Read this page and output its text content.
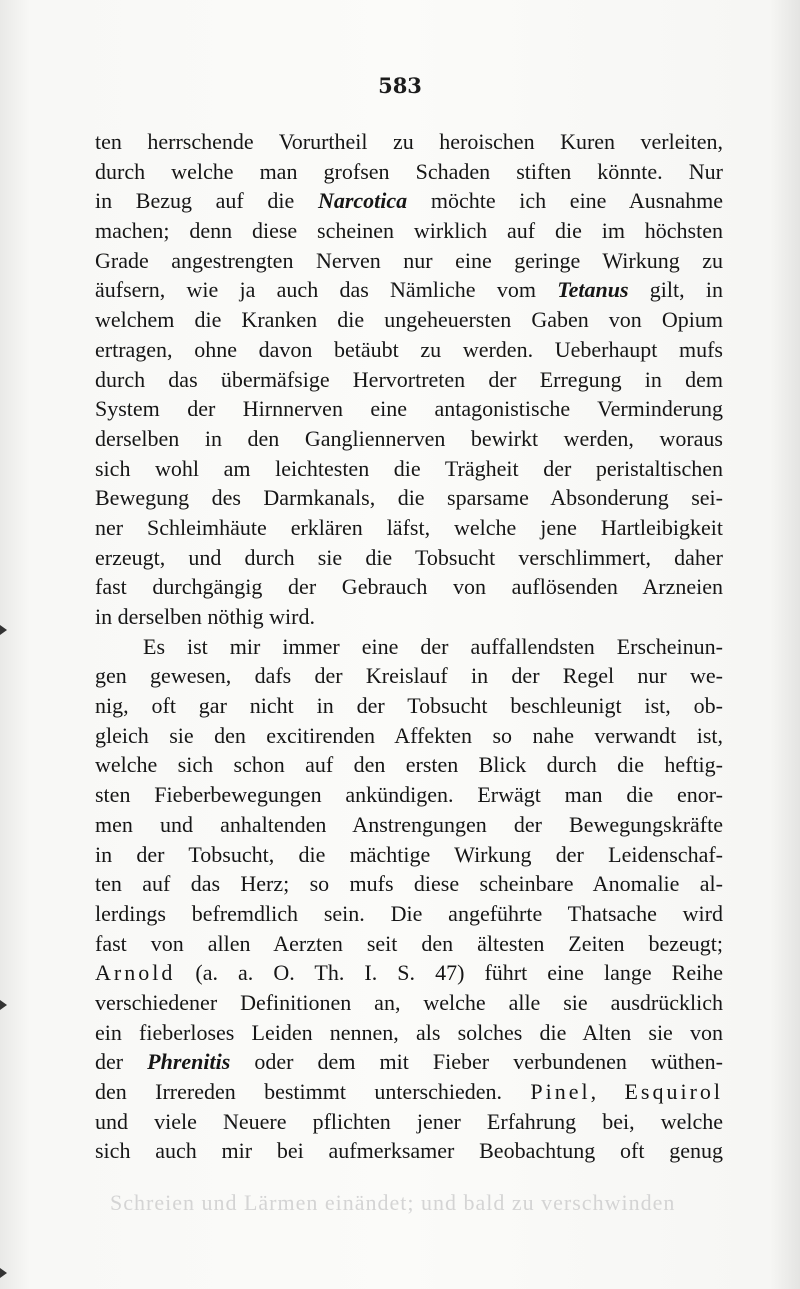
583
ten herrschende Vorurtheil zu heroischen Kuren verleiten,
durch welche man grofsen Schaden stiften könnte. Nur
in Bezug auf die Narcotica möchte ich eine Ausnahme
machen; denn diese scheinen wirklich auf die im höchsten
Grade angestrengten Nerven nur eine geringe Wirkung zu
äufsern, wie ja auch das Nämliche vom Tetanus gilt, in
welchem die Kranken die ungeheuersten Gaben von Opium
ertragen, ohne davon betäubt zu werden. Ueberhaupt mufs
durch das übermäfsige Hervortreten der Erregung in dem
System der Hirnnerven eine antagonistische Verminderung
derselben in den Gangliennerven bewirkt werden, woraus
sich wohl am leichtesten die Trägheit der peristaltischen
Bewegung des Darmkanals, die sparsame Absonderung sei-
ner Schleimhäute erklären läfst, welche jene Hartleibigkeit
erzeugt, und durch sie die Tobsucht verschlimmert, daher
fast durchgängig der Gebrauch von auflösenden Arzneien
in derselben nöthig wird.
Es ist mir immer eine der auffallendsten Erscheinun-
gen gewesen, dafs der Kreislauf in der Regel nur we-
nig, oft gar nicht in der Tobsucht beschleunigt ist, ob-
gleich sie den excitirenden Affekten so nahe verwandt ist,
welche sich schon auf den ersten Blick durch die heftig-
sten Fieberbewegungen ankündigen. Erwägt man die enor-
men und anhaltenden Anstrengungen der Bewegungskräfte
in der Tobsucht, die mächtige Wirkung der Leidenschaf-
ten auf das Herz; so mufs diese scheinbare Anomalie al-
lerdings befremdlich sein. Die angeführte Thatsache wird
fast von allen Aerzten seit den ältesten Zeiten bezeugt;
Arnold (a. a. O. Th. I. S. 47) führt eine lange Reihe
verschiedener Definitionen an, welche alle sie ausdrücklich
ein fieberloses Leiden nennen, als solches die Alten sie von
der Phrenitis oder dem mit Fieber verbundenen wüthen-
den Irrereden bestimmt unterschieden. Pinel, Esquirol
und viele Neuere pflichten jener Erfahrung bei, welche
sich auch mir bei aufmerksamer Beobachtung oft genug
Schreien und Lärmen einändet; und bald zu verschwinden
